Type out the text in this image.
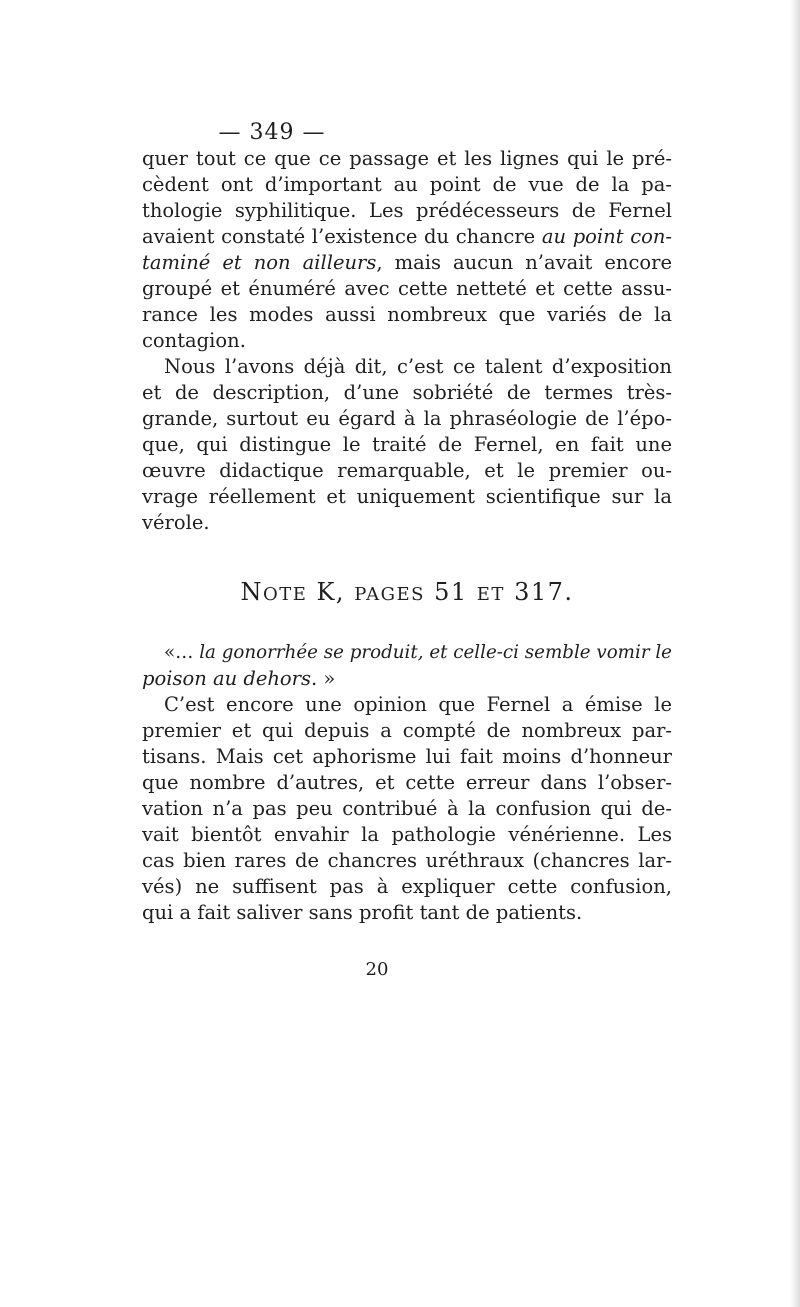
— 349 —
quer tout ce que ce passage et les lignes qui le pré-
cèdent ont d’important au point de vue de la pa-
thologie syphilitique. Les prédécesseurs de Fernel
avaient constaté l’existence du chancre au point con-
taminé et non ailleurs, mais aucun n’avait encore
groupé et énuméré avec cette netteté et cette assu-
rance les modes aussi nombreux que variés de la
contagion.
Nous l’avons déjà dit, c’est ce talent d’exposition
et de description, d’une sobriété de termes très-
grande, surtout eu égard à la phraséologie de l’épo-
que, qui distingue le traité de Fernel, en fait une
œuvre didactique remarquable, et le premier ou-
vrage réellement et uniquement scientifique sur la
vérole.
NOTE K, PAGES 51 ET 317.
«… la gonorrhée se produit, et celle-ci semble vomir le
poison au dehors. »
C’est encore une opinion que Fernel a émise le
premier et qui depuis a compté de nombreux par-
tisans. Mais cet aphorisme lui fait moins d’honneur
que nombre d’autres, et cette erreur dans l’obser-
vation n’a pas peu contribué à la confusion qui de-
vait bientôt envahir la pathologie vénérienne. Les
cas bien rares de chancres uréthraux (chancres lar-
vés) ne suffisent pas à expliquer cette confusion,
qui a fait saliver sans profit tant de patients.
20
